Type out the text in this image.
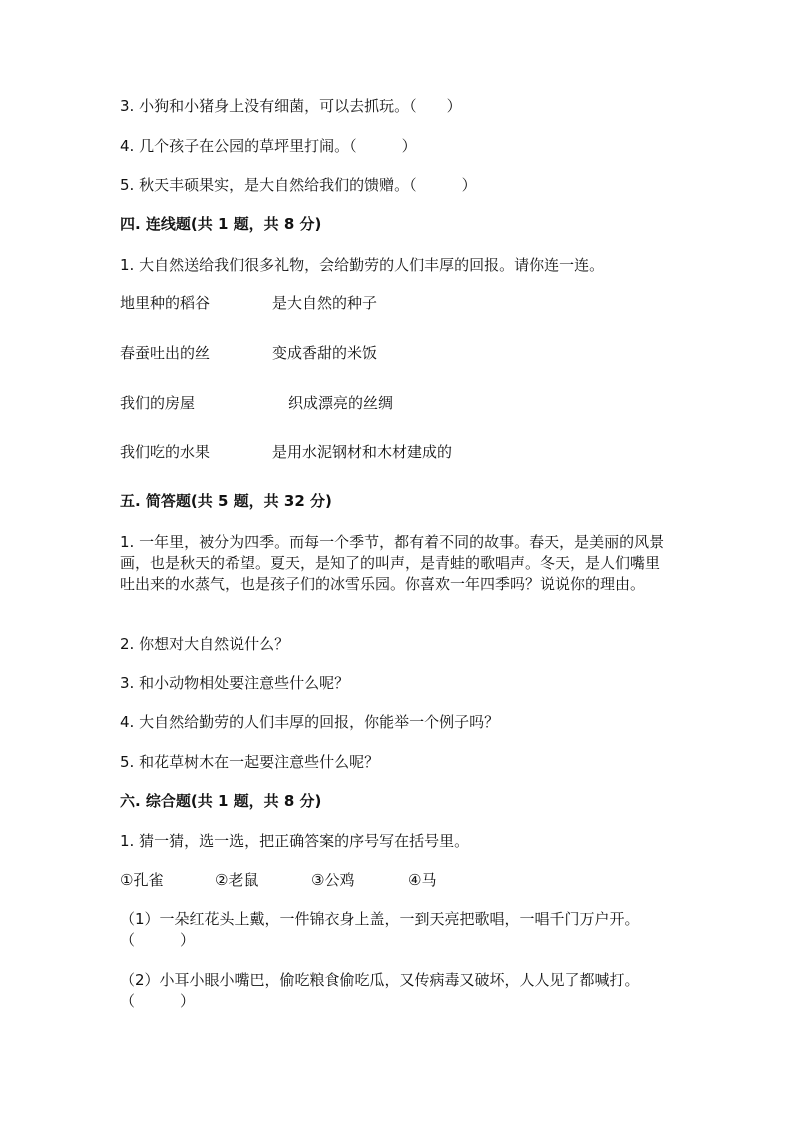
3. 小狗和小猪身上没有细菌，可以去抓玩。（　　）
4. 几个孩子在公园的草坪里打闹。（　　　）
5. 秋天丰硕果实，是大自然给我们的馈赠。（　　　）
四. 连线题(共 1 题，共 8 分)
1. 大自然送给我们很多礼物，会给勤劳的人们丰厚的回报。请你连一连。
地里种的稻谷	是大自然的种子
春蚕吐出的丝	变成香甜的米饭
我们的房屋	织成漂亮的丝绸
我们吃的水果	是用水泥钢材和木材建成的
五. 简答题(共 5 题，共 32 分)
1. 一年里，被分为四季。而每一个季节，都有着不同的故事。春天，是美丽的风景画，也是秋天的希望。夏天，是知了的叫声，是青蛙的歌唱声。冬天，是人们嘴里吐出来的水蒸气，也是孩子们的冰雪乐园。你喜欢一年四季吗？说说你的理由。
2. 你想对大自然说什么？
3. 和小动物相处要注意些什么呢？
4. 大自然给勤劳的人们丰厚的回报，你能举一个例子吗？
5. 和花草树木在一起要注意些什么呢？
六. 综合题(共 1 题，共 8 分)
1. 猜一猜，选一选，把正确答案的序号写在括号里。
①孔雀	②老鼠	③公鸡	④马
（1）一朵红花头上戴，一件锦衣身上盖，一到天亮把歌唱，一唱千门万户开。（　　　）
（2）小耳小眼小嘴巴，偷吃粮食偷吃瓜，又传病毒又破坏，人人见了都喊打。（　　　）
